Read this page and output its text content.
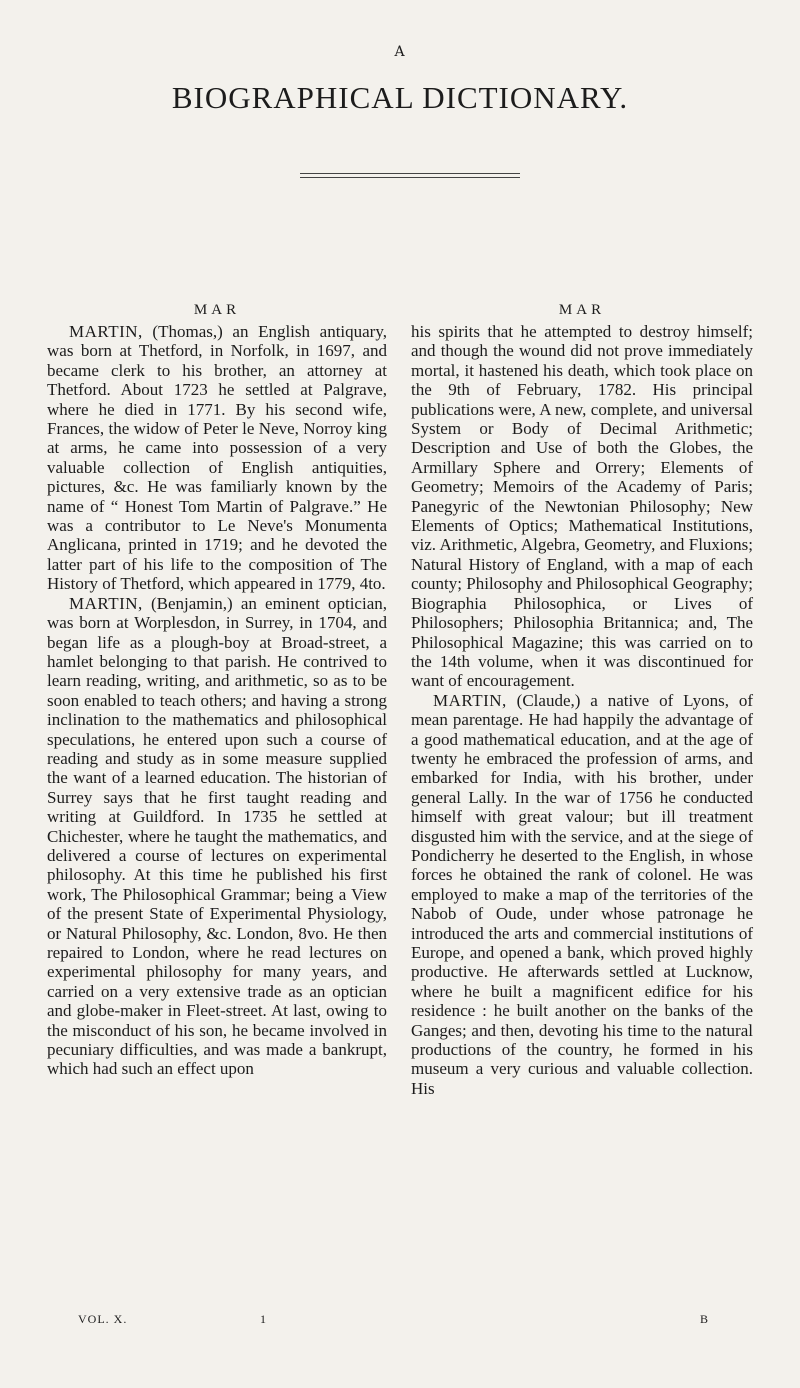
A
BIOGRAPHICAL DICTIONARY.
MAR	MAR

MARTIN, (Thomas,) an English antiquary, was born at Thetford, in Norfolk, in 1697, and became clerk to his brother, an attorney at Thetford. About 1723 he settled at Palgrave, where he died in 1771. By his second wife, Frances, the widow of Peter le Neve, Norroy king at arms, he came into possession of a very valuable collection of English antiquities, pictures, &c. He was familiarly known by the name of “ Honest Tom Martin of Palgrave.” He was a contributor to Le Neve's Monumenta Anglicana, printed in 1719; and he devoted the latter part of his life to the composition of The History of Thetford, which appeared in 1779, 4to.

MARTIN, (Benjamin,) an eminent optician, was born at Worplesdon, in Surrey, in 1704, and began life as a plough-boy at Broad-street, a hamlet belonging to that parish. He contrived to learn reading, writing, and arithmetic, so as to be soon enabled to teach others; and having a strong inclination to the mathematics and philosophical speculations, he entered upon such a course of reading and study as in some measure supplied the want of a learned education. The historian of Surrey says that he first taught reading and writing at Guildford. In 1735 he settled at Chichester, where he taught the mathematics, and delivered a course of lectures on experimental philosophy. At this time he published his first work, The Philosophical Grammar; being a View of the present State of Experimental Physiology, or Natural Philosophy, &c. London, 8vo. He then repaired to London, where he read lectures on experimental philosophy for many years, and carried on a very extensive trade as an optician and globe-maker in Fleet-street. At last, owing to the misconduct of his son, he became involved in pecuniary difficulties, and was made a bankrupt, which had such an effect upon

his spirits that he attempted to destroy himself; and though the wound did not prove immediately mortal, it hastened his death, which took place on the 9th of February, 1782. His principal publications were, A new, complete, and universal System or Body of Decimal Arithmetic; Description and Use of both the Globes, the Armillary Sphere and Orrery; Elements of Geometry; Memoirs of the Academy of Paris; Panegyric of the Newtonian Philosophy; New Elements of Optics; Mathematical Institutions, viz. Arithmetic, Algebra, Geometry, and Fluxions; Natural History of England, with a map of each county; Philosophy and Philosophical Geography; Biographia Philosophica, or Lives of Philosophers; Philosophia Britannica; and, The Philosophical Magazine; this was carried on to the 14th volume, when it was discontinued for want of encouragement.

MARTIN, (Claude,) a native of Lyons, of mean parentage. He had happily the advantage of a good mathematical education, and at the age of twenty he embraced the profession of arms, and embarked for India, with his brother, under general Lally. In the war of 1756 he conducted himself with great valour; but ill treatment disgusted him with the service, and at the siege of Pondicherry he deserted to the English, in whose forces he obtained the rank of colonel. He was employed to make a map of the territories of the Nabob of Oude, under whose patronage he introduced the arts and commercial institutions of Europe, and opened a bank, which proved highly productive. He afterwards settled at Lucknow, where he built a magnificent edifice for his residence : he built another on the banks of the Ganges; and then, devoting his time to the natural productions of the country, he formed in his museum a very curious and valuable collection. His

VOL. X.	1	B
